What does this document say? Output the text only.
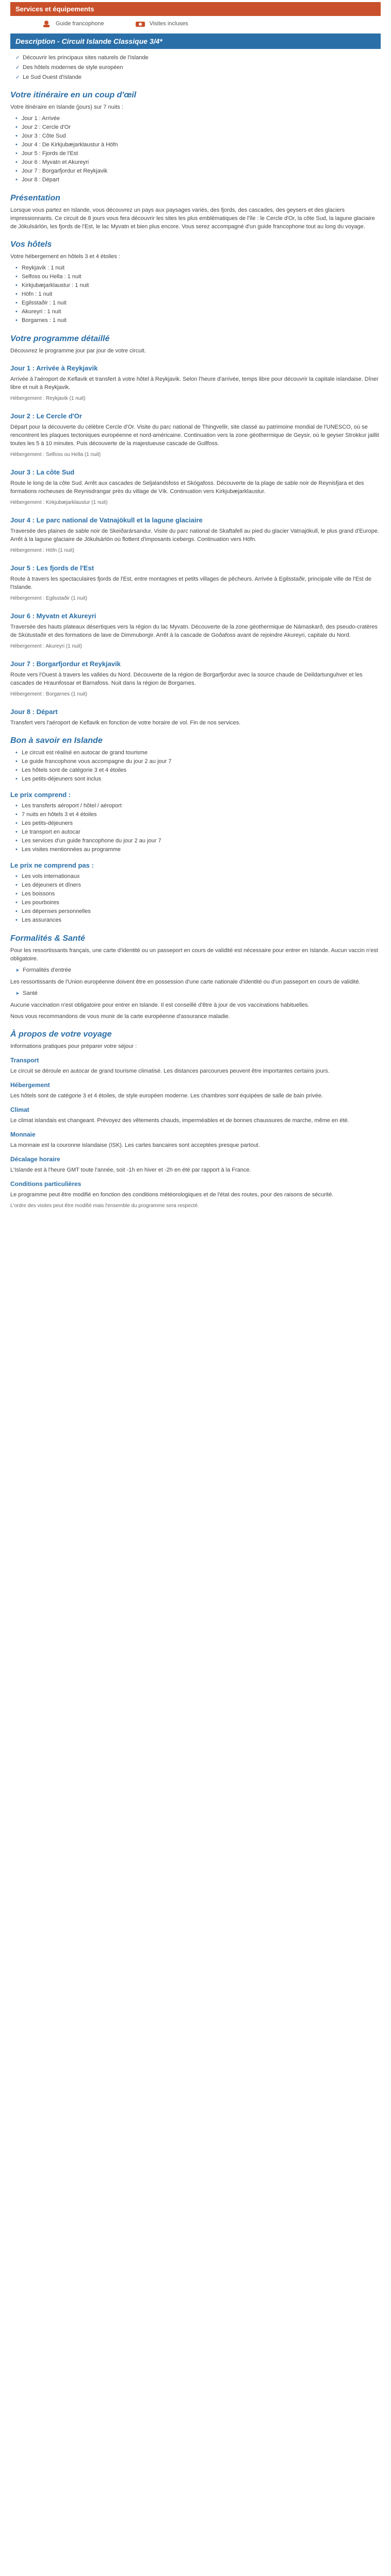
Services et équipements
Guide francophone	Visites incluses
Description - Circuit Islande Classique 3/4*
✓ Découvrir les principaux sites naturels de l'Islande
✓ Des hôtels modernes de style européen
✓ Le Sud Ouest d'Islande
Votre itinéraire en un coup d'œil

Votre itinéraire en Islande (jours) sur 7 nuits :

• Jour 1 : Arrivée
• Jour 2 : Cercle d'Or
• Jour 3 : Côte Sud
• Jour 4 : De Kirkjubæjarklaustur à Höfn
• Jour 5 : Fjords de l'Est
• Jour 6 : Myvatn et Akureyri
• Jour 7 : Borgarfjordur et Reykjavik
• Jour 8 : Départ
Présentation

Lorsque vous partez en Islande, vous découvrez un pays aux paysages variés, des fjords, des cascades, des geysers et des glaciers impressionnants. Ce circuit de 8 jours vous fera découvrir les sites les plus emblématiques de l'île : le Cercle d'Or, la côte Sud, la lagune glaciaire de Jökulsárlón, les fjords de l'Est, le lac Myvatn et bien plus encore. Vous serez accompagné d'un guide francophone tout au long du voyage.

Vos hôtels

Votre hébergement en hôtels 3 et 4 étoiles :

• Reykjavik : 1 nuit
• Selfoss ou Hella : 1 nuit
• Kirkjubæjarklaustur : 1 nuit
• Höfn : 1 nuit
• Egilsstaðir : 1 nuit
• Akureyri : 1 nuit
• Borgarnes : 1 nuit
Votre programme détaillé

Découvrez le programme jour par jour de votre circuit.

Jour 1 : Arrivée à Reykjavik

Arrivée à l'aéroport de Keflavik et transfert à votre hôtel à Reykjavik. Selon l'heure d'arrivée, temps libre pour découvrir la capitale islandaise. Dîner libre et nuit à Reykjavik.

Hébergement : Reykjavik (1 nuit)

Jour 2 : Le Cercle d'Or

Départ pour la découverte du célèbre Cercle d'Or. Visite du parc national de Thingvellir, site classé au patrimoine mondial de l'UNESCO, où se rencontrent les plaques tectoniques européenne et nord-américaine. Continuation vers la zone géothermique de Geysir, où le geyser Strokkur jaillit toutes les 5 à 10 minutes. Puis découverte de la majestueuse cascade de Gullfoss.

Hébergement : Selfoss ou Hella (1 nuit)

Jour 3 : La côte Sud

Route le long de la côte Sud. Arrêt aux cascades de Seljalandsfoss et Skógafoss. Découverte de la plage de sable noir de Reynisfjara et des formations rocheuses de Reynisdrangar près du village de Vík. Continuation vers Kirkjubæjarklaustur.

Hébergement : Kirkjubæjarklaustur (1 nuit)

Jour 4 : Le parc national de Vatnajökull et la lagune glaciaire

Traversée des plaines de sable noir de Skeiðarársandur. Visite du parc national de Skaftafell au pied du glacier Vatnajökull, le plus grand d'Europe. Arrêt à la lagune glaciaire de Jökulsárlón où flottent d'imposants icebergs. Continuation vers Höfn.

Hébergement : Höfn (1 nuit)

Jour 5 : Les fjords de l'Est

Route à travers les spectaculaires fjords de l'Est, entre montagnes et petits villages de pêcheurs. Arrivée à Egilsstaðir, principale ville de l'Est de l'Islande.

Hébergement : Egilsstaðir (1 nuit)

Jour 6 : Myvatn et Akureyri

Traversée des hauts plateaux désertiques vers la région du lac Myvatn. Découverte de la zone géothermique de Námaskarð, des pseudo-cratères de Skútustaðir et des formations de lave de Dimmuborgir. Arrêt à la cascade de Goðafoss avant de rejoindre Akureyri, capitale du Nord.

Hébergement : Akureyri (1 nuit)

Jour 7 : Borgarfjordur et Reykjavik

Route vers l'Ouest à travers les vallées du Nord. Découverte de la région de Borgarfjordur avec la source chaude de Deildartunguhver et les cascades de Hraunfossar et Barnafoss. Nuit dans la région de Borgarnes.

Hébergement : Borgarnes (1 nuit)

Jour 8 : Départ

Transfert vers l'aéroport de Keflavik en fonction de votre horaire de vol. Fin de nos services.

Bon à savoir en Islande
• Le circuit est réalisé en autocar de grand tourisme
• Le guide francophone vous accompagne du jour 2 au jour 7
• Les hôtels sont de catégorie 3 et 4 étoiles
• Les petits-déjeuners sont inclus
Le prix comprend :
• Les transferts aéroport / hôtel / aéroport
• 7 nuits en hôtels 3 et 4 étoiles
• Les petits-déjeuners
• Le transport en autocar
• Les services d'un guide francophone du jour 2 au jour 7
• Les visites mentionnées au programme
Le prix ne comprend pas :
• Les vols internationaux
• Les déjeuners et dîners
• Les boissons
• Les pourboires
• Les dépenses personnelles
• Les assurances
Formalités & Santé

Pour les ressortissants français, une carte d'identité ou un passeport en cours de validité est nécessaire pour entrer en Islande. Aucun vaccin n'est obligatoire.

➤ Formalités d'entrée

Les ressortissants de l'Union européenne doivent être en possession d'une carte nationale d'identité ou d'un passeport en cours de validité.

➤ Santé

Aucune vaccination n'est obligatoire pour entrer en Islande. Il est conseillé d'être à jour de vos vaccinations habituelles.

Nous vous recommandons de vous munir de la carte européenne d'assurance maladie.

À propos de votre voyage

Informations pratiques pour préparer votre séjour :

Transport

Le circuit se déroule en autocar de grand tourisme climatisé. Les distances parcourues peuvent être importantes certains jours.

Hébergement

Les hôtels sont de catégorie 3 et 4 étoiles, de style européen moderne. Les chambres sont équipées de salle de bain privée.

Climat

Le climat islandais est changeant. Prévoyez des vêtements chauds, imperméables et de bonnes chaussures de marche, même en été.

Monnaie

La monnaie est la couronne islandaise (ISK). Les cartes bancaires sont acceptées presque partout.

Décalage horaire

L'Islande est à l'heure GMT toute l'année, soit -1h en hiver et -2h en été par rapport à la France.

Conditions particulières

Le programme peut être modifié en fonction des conditions météorologiques et de l'état des routes, pour des raisons de sécurité.

L'ordre des visites peut être modifié mais l'ensemble du programme sera respecté.
